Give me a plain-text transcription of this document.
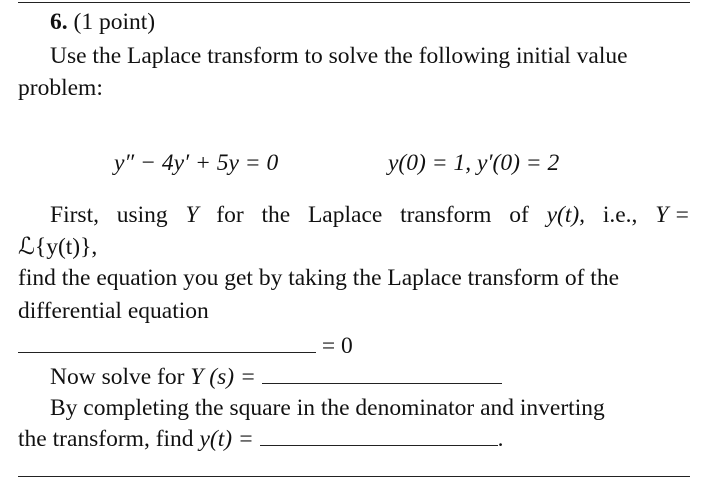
6. (1 point)
Use the Laplace transform to solve the following initial value
problem:
y″ − 4y′ + 5y = 0	y(0) = 1, y′(0) = 2
First, using Y for the Laplace transform of y(t), i.e., Y =
ℒ{y(t)},
find the equation you get by taking the Laplace transform of the
differential equation
= 0
Now solve for Y (s) =
By completing the square in the denominator and inverting
the transform, find y(t) =	.
